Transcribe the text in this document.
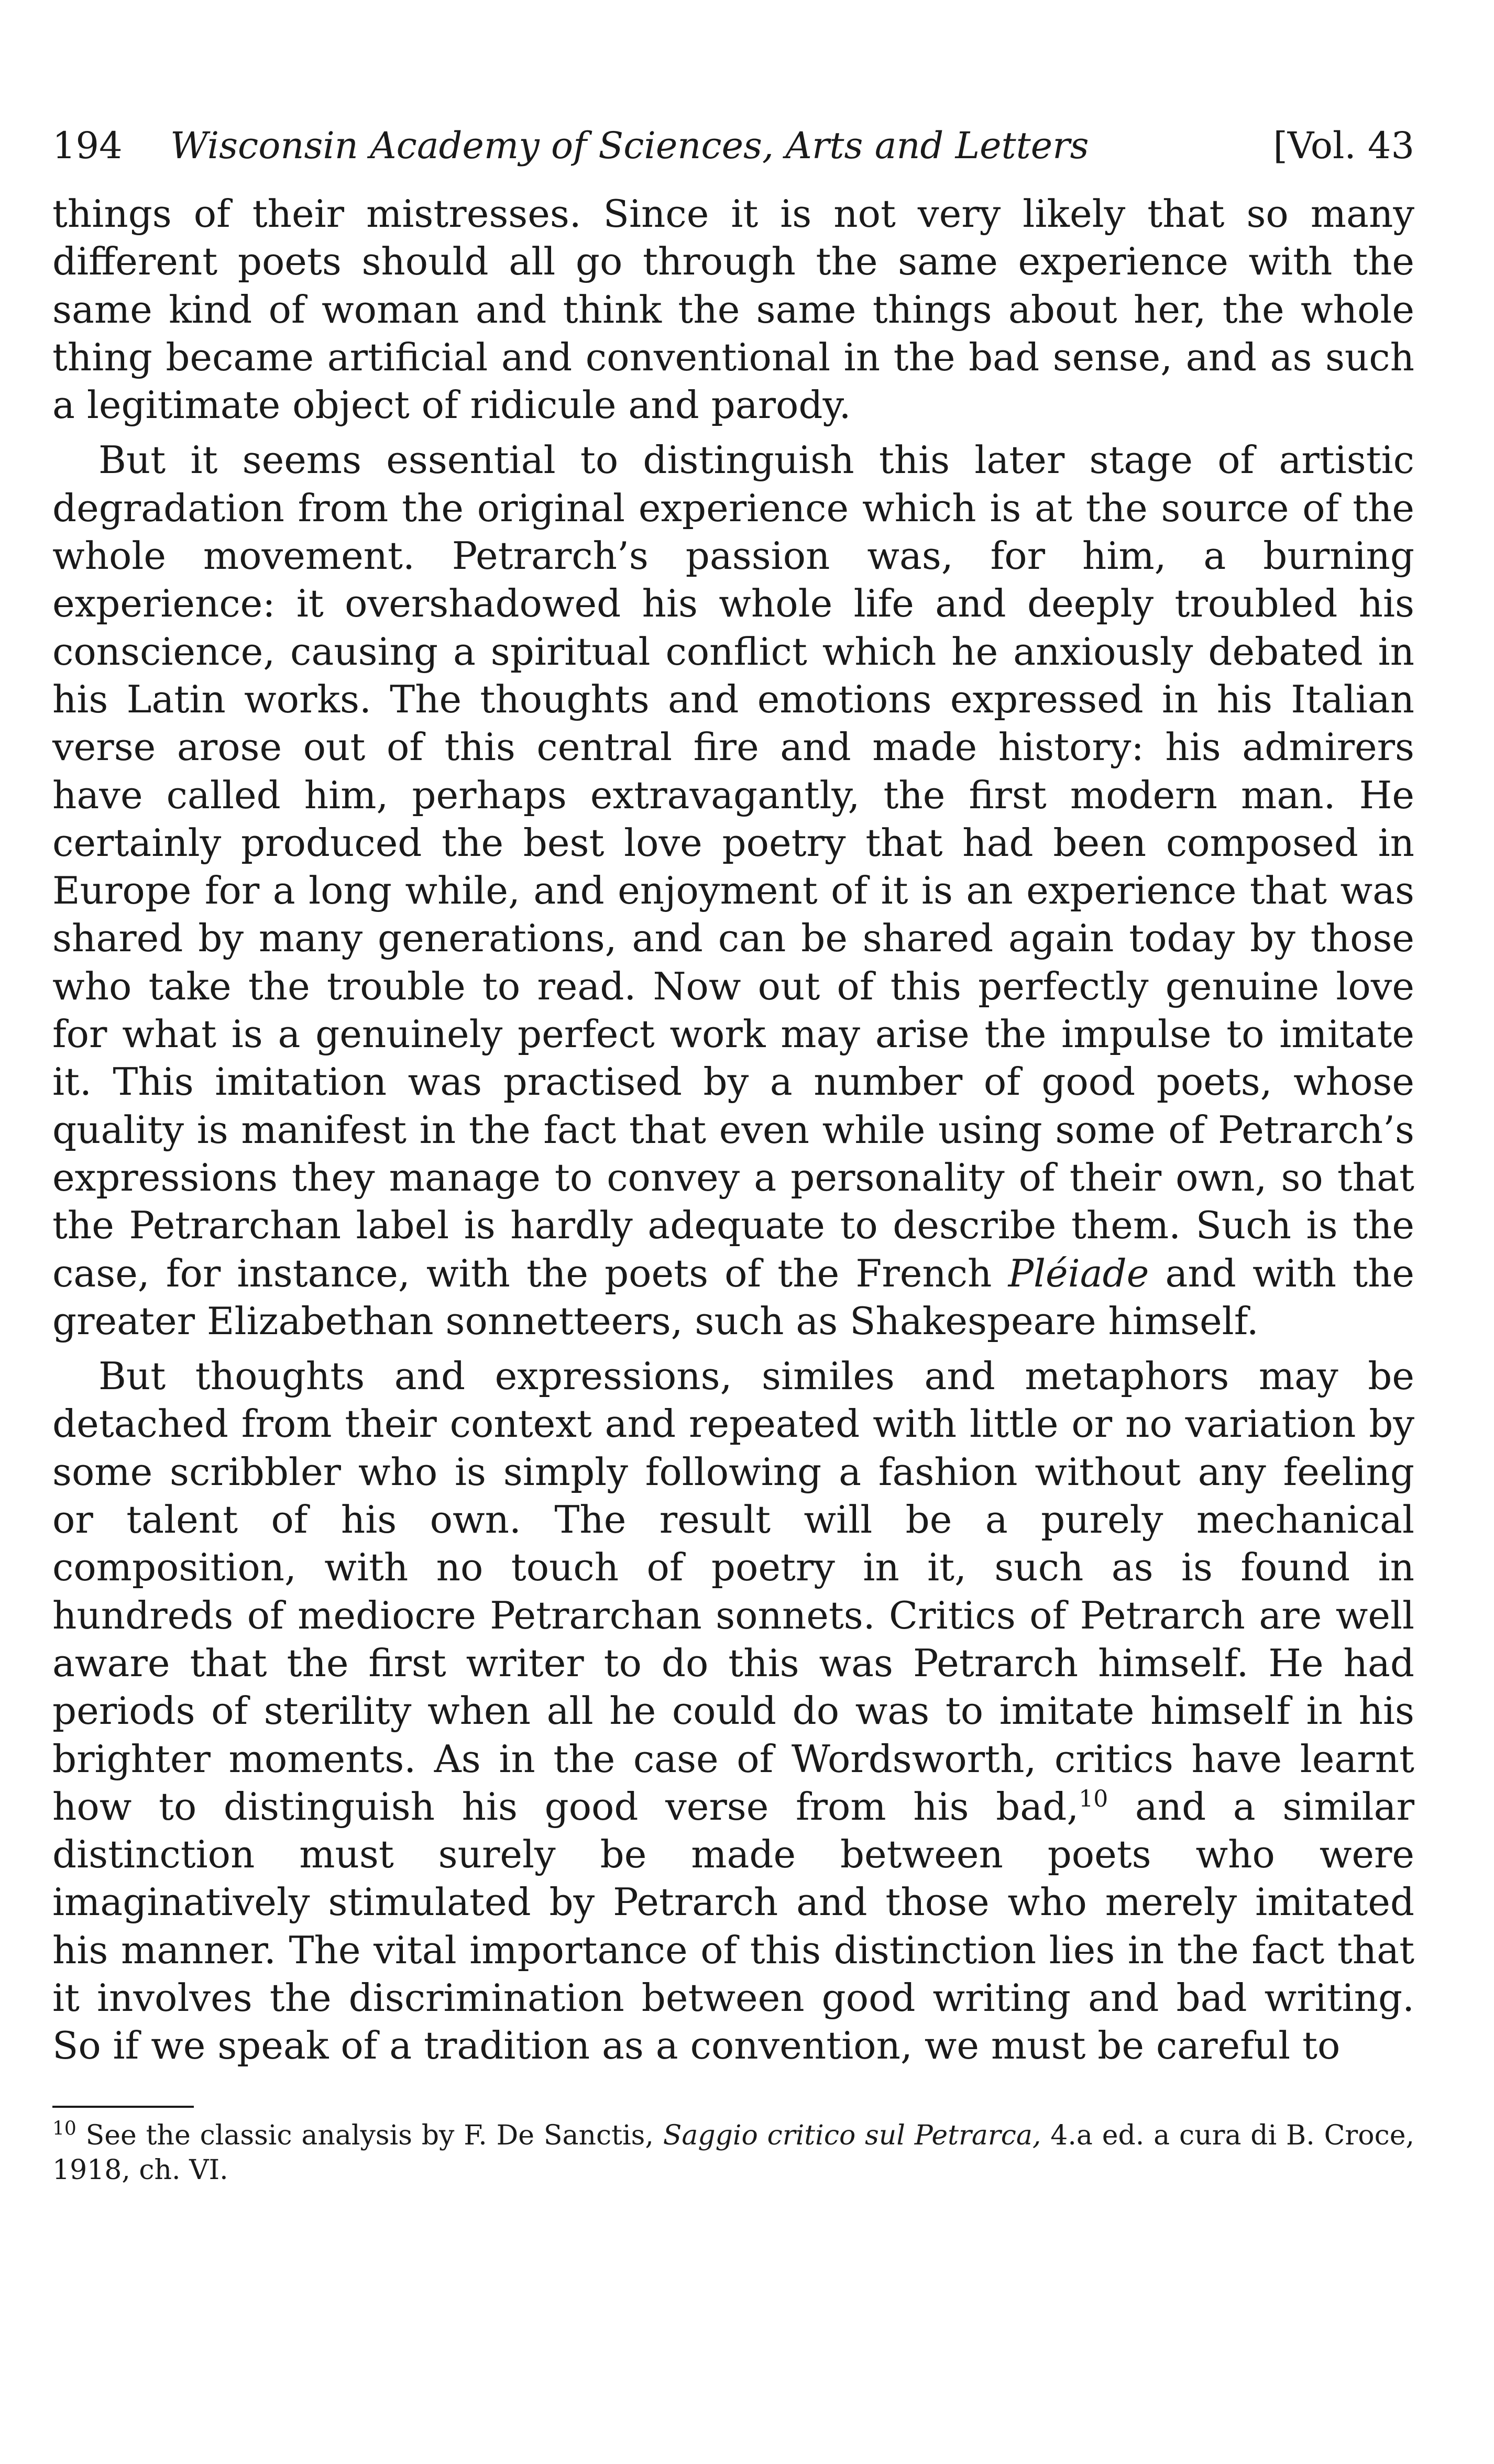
194 Wisconsin Academy of Sciences, Arts and Letters	[Vol. 43

things of their mistresses. Since it is not very likely that so many different poets should all go through the same experience with the same kind of woman and think the same things about her, the whole thing became artificial and conventional in the bad sense, and as such a legitimate object of ridicule and parody.

But it seems essential to distinguish this later stage of artistic degradation from the original experience which is at the source of the whole movement. Petrarch’s passion was, for him, a burning experience: it overshadowed his whole life and deeply troubled his conscience, causing a spiritual conflict which he anxiously debated in his Latin works. The thoughts and emotions expressed in his Italian verse arose out of this central fire and made history: his admirers have called him, perhaps extravagantly, the first modern man. He certainly produced the best love poetry that had been composed in Europe for a long while, and enjoyment of it is an experience that was shared by many generations, and can be shared again today by those who take the trouble to read. Now out of this perfectly genuine love for what is a genuinely perfect work may arise the impulse to imitate it. This imitation was practised by a number of good poets, whose quality is manifest in the fact that even while using some of Petrarch’s expressions they manage to convey a personality of their own, so that the Petrarchan label is hardly adequate to describe them. Such is the case, for instance, with the poets of the French Pléiade and with the greater Elizabethan sonnetteers, such as Shakespeare himself.

But thoughts and expressions, similes and metaphors may be detached from their context and repeated with little or no variation by some scribbler who is simply following a fashion without any feeling or talent of his own. The result will be a purely mechanical composition, with no touch of poetry in it, such as is found in hundreds of mediocre Petrarchan sonnets. Critics of Petrarch are well aware that the first writer to do this was Petrarch himself. He had periods of sterility when all he could do was to imitate himself in his brighter moments. As in the case of Wordsworth, critics have learnt how to distinguish his good verse from his bad,$^{10}$ and a similar distinction must surely be made between poets who were imaginatively stimulated by Petrarch and those who merely imitated his manner. The vital importance of this distinction lies in the fact that it involves the discrimination between good writing and bad writing. So if we speak of a tradition as a convention, we must be careful to

$^{10}$ See the classic analysis by F. De Sanctis, Saggio critico sul Petrarca, 4.a ed. a cura di B. Croce, 1918, ch. VI.
